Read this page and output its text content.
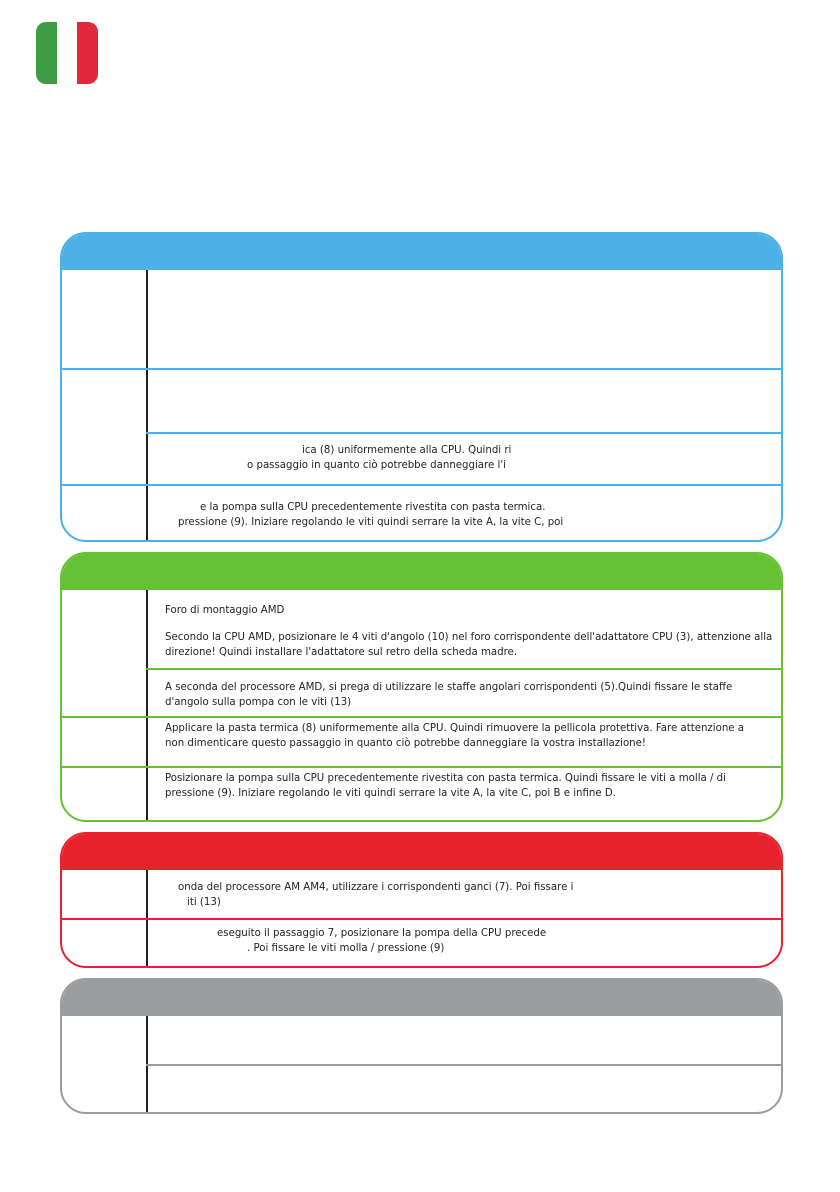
ica (8) uniformemente alla CPU. Quindi ri
o passaggio in quanto ciò potrebbe danneggiare l'i
e la pompa sulla CPU precedentemente rivestita con pasta termica.
pressione (9). Iniziare regolando le viti quindi serrare la vite A, la vite C, poi
Foro di montaggio AMD
Secondo la CPU AMD, posizionare le 4 viti d'angolo (10) nel foro corrispondente dell'adattatore CPU (3), attenzione alla direzione! Quindi installare l'adattatore sul retro della scheda madre.
A seconda del processore AMD, si prega di utilizzare le staffe angolari corrispondenti (5).Quindi fissare le staffe d'angolo sulla pompa con le viti (13)
Applicare la pasta termica (8) uniformemente alla CPU. Quindi rimuovere la pellicola protettiva. Fare attenzione a non dimenticare questo passaggio in quanto ciò potrebbe danneggiare la vostra installazione!
Posizionare la pompa sulla CPU precedentemente rivestita con pasta termica. Quindi fissare le viti a molla / di pressione (9). Iniziare regolando le viti quindi serrare la vite A, la vite C, poi B e infine D.
onda del processore AM AM4, utilizzare i corrispondenti ganci (7). Poi fissare i
iti (13)
eseguito il passaggio 7, posizionare la pompa della CPU precede
. Poi fissare le viti molla / pressione (9)
